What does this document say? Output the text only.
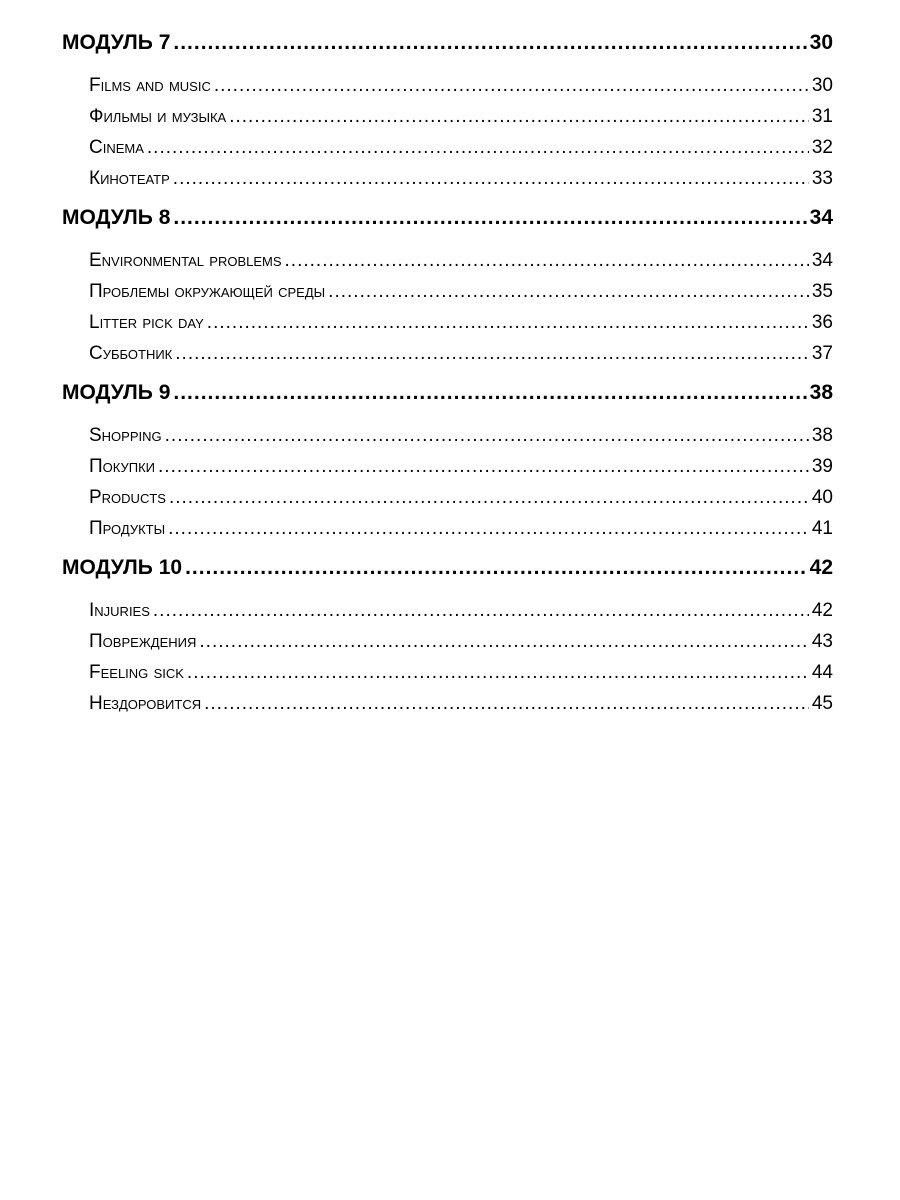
МОДУЛЬ 7 .....	30
Films and music .....	30
Фильмы и музыка .....	31
Cinema .....	32
Кинотеатр .....	33
МОДУЛЬ 8 .....	34
Environmental problems .....	34
Проблемы окружающей среды .....	35
Litter pick day .....	36
Субботник .....	37
МОДУЛЬ 9 .....	38
Shopping .....	38
Покупки .....	39
Products .....	40
Продукты .....	41
МОДУЛЬ 10 .....	42
Injuries .....	42
Повреждения .....	43
Feeling sick .....	44
Нездоровится .....	45
